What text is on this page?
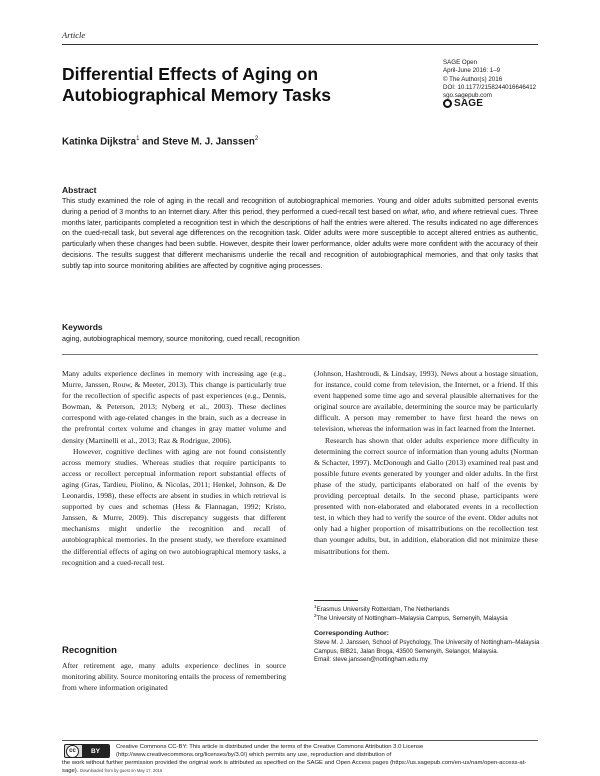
Article
Differential Effects of Aging on Autobiographical Memory Tasks
SAGE Open
April-June 2016: 1–9
© The Author(s) 2016
DOI: 10.1177/2158244016646412
sgo.sagepub.com
SAGE
Katinka Dijkstra$^1$ and Steve M. J. Janssen$^2$
Abstract

This study examined the role of aging in the recall and recognition of autobiographical memories. Young and older adults submitted personal events during a period of 3 months to an Internet diary. After this period, they performed a cued-recall test based on what, who, and where retrieval cues. Three months later, participants completed a recognition test in which the descriptions of half the entries were altered. The results indicated no age differences on the cued-recall task, but several age differences on the recognition task. Older adults were more susceptible to accept altered entries as authentic, particularly when these changes had been subtle. However, despite their lower performance, older adults were more confident with the accuracy of their decisions. The results suggest that different mechanisms underlie the recall and recognition of autobiographical memories, and that only tasks that subtly tap into source monitoring abilities are affected by cognitive aging processes.

Keywords
aging, autobiographical memory, source monitoring, cued recall, recognition

Many adults experience declines in memory with increasing age (e.g., Murre, Janssen, Rouw, & Meeter, 2013). This change is particularly true for the recollection of specific aspects of past experiences (e.g., Dennis, Bowman, & Peterson, 2013; Nyberg et al., 2003). These declines correspond with age-related changes in the brain, such as a decrease in the prefrontal cortex volume and changes in gray matter volume and density (Martinelli et al., 2013; Raz & Rodrigue, 2006).

However, cognitive declines with aging are not found consistently across memory studies. Whereas studies that require participants to access or recollect perceptual information report substantial effects of aging (Gras, Tardieu, Piolino, & Nicolas, 2011; Henkel, Johnson, & De Leonardis, 1998), these effects are absent in studies in which retrieval is supported by cues and schemas (Hess & Flannagan, 1992; Kristo, Janssen, & Murre, 2009). This discrepancy suggests that different mechanisms might underlie the recognition and recall of autobiographical memories. In the present study, we therefore examined the differential effects of aging on two autobiographical memory tasks, a recognition and a cued-recall test.

Recognition

After retirement age, many adults experience declines in source monitoring ability. Source monitoring entails the process of remembering from where information originated

(Johnson, Hashtroudi, & Lindsay, 1993). News about a hostage situation, for instance, could come from television, the Internet, or a friend. If this event happened some time ago and several plausible alternatives for the original source are available, determining the source may be particularly difficult. A person may remember to have first heard the news on television, whereas the information was in fact learned from the Internet.

Research has shown that older adults experience more difficulty in determining the correct source of information than young adults (Norman & Schacter, 1997). McDonough and Gallo (2013) examined real past and possible future events generated by younger and older adults. In the first phase of the study, participants elaborated on half of the events by providing perceptual details. In the second phase, participants were presented with non-elaborated and elaborated events in a recollection test, in which they had to verify the source of the event. Older adults not only had a higher proportion of misattributions on the recollection test than younger adults, but, in addition, elaboration did not minimize these misattributions for them.

$^1$Erasmus University Rotterdam, The Netherlands
$^2$The University of Nottingham–Malaysia Campus, Semenyih, Malaysia
Corresponding Author:
Steve M. J. Janssen, School of Psychology, The University of Nottingham–Malaysia Campus, BIB21, Jalan Broga, 43500 Semenyih, Selangor, Malaysia.
Email: steve.janssen@nottingham.edu.my
cc	BY
Creative Commons CC-BY: This article is distributed under the terms of the Creative Commons Attribution 3.0 License (http://www.creativecommons.org/licenses/by/3.0/) which permits any use, reproduction and distribution of
the work without further permission provided the original work is attributed as specified on the SAGE and Open Access pages (https://us.sagepub.com/en-us/nam/open-access-at-sage). Downloaded from by guest on May 17, 2016
